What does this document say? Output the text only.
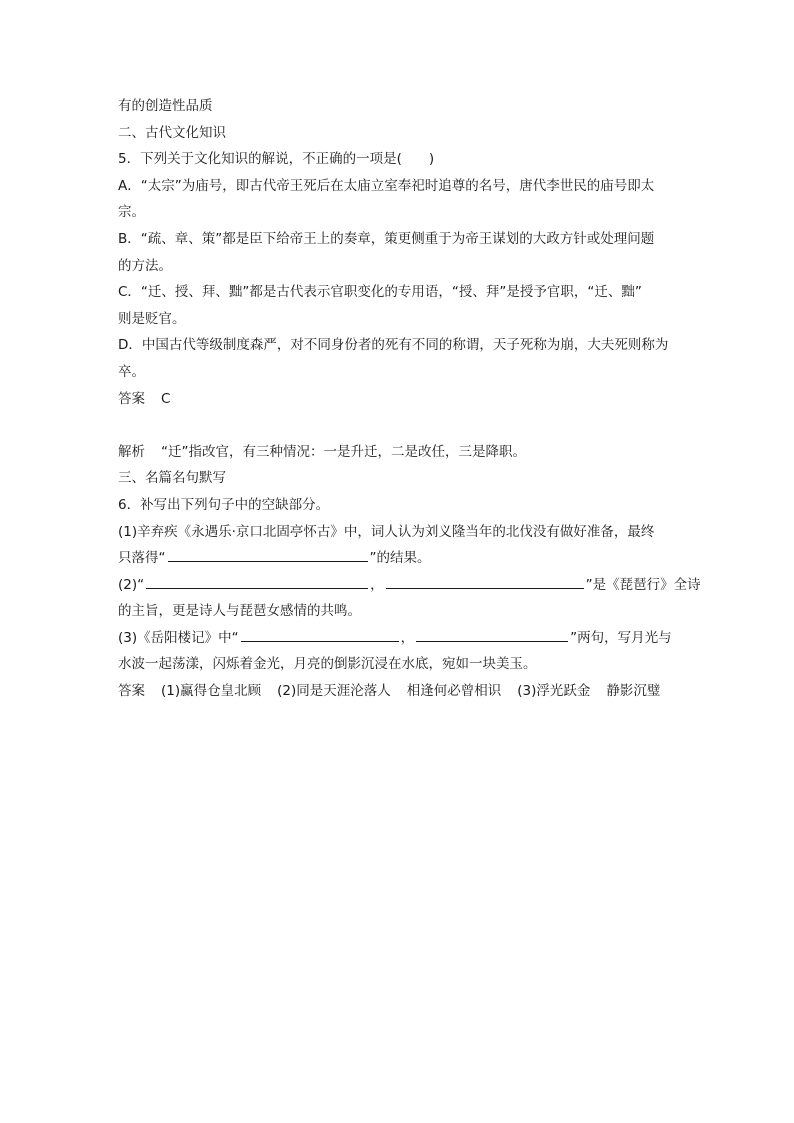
有的创造性品质
二、古代文化知识
5．下列关于文化知识的解说，不正确的一项是(　　)
A．“太宗”为庙号，即古代帝王死后在太庙立室奉祀时追尊的名号，唐代李世民的庙号即太
宗。
B．“疏、章、策”都是臣下给帝王上的奏章，策更侧重于为帝王谋划的大政方针或处理问题
的方法。
C．“迁、授、拜、黜”都是古代表示官职变化的专用语，“授、拜”是授予官职，“迁、黜”
则是贬官。
D．中国古代等级制度森严，对不同身份者的死有不同的称谓，天子死称为崩，大夫死则称为
卒。
答案 C
解析 “迁”指改官，有三种情况：一是升迁，二是改任，三是降职。
三、名篇名句默写
6．补写出下列句子中的空缺部分。
(1)辛弃疾《永遇乐·京口北固亭怀古》中，词人认为刘义隆当年的北伐没有做好准备，最终
只落得“	”的结果。
(2)“	，	”是《琵琶行》全诗
的主旨，更是诗人与琵琶女感情的共鸣。
(3)《岳阳楼记》中“	，	”两句，写月光与
水波一起荡漾，闪烁着金光，月亮的倒影沉浸在水底，宛如一块美玉。
答案 (1)赢得仓皇北顾 (2)同是天涯沦落人 相逢何必曾相识 (3)浮光跃金 静影沉璧
